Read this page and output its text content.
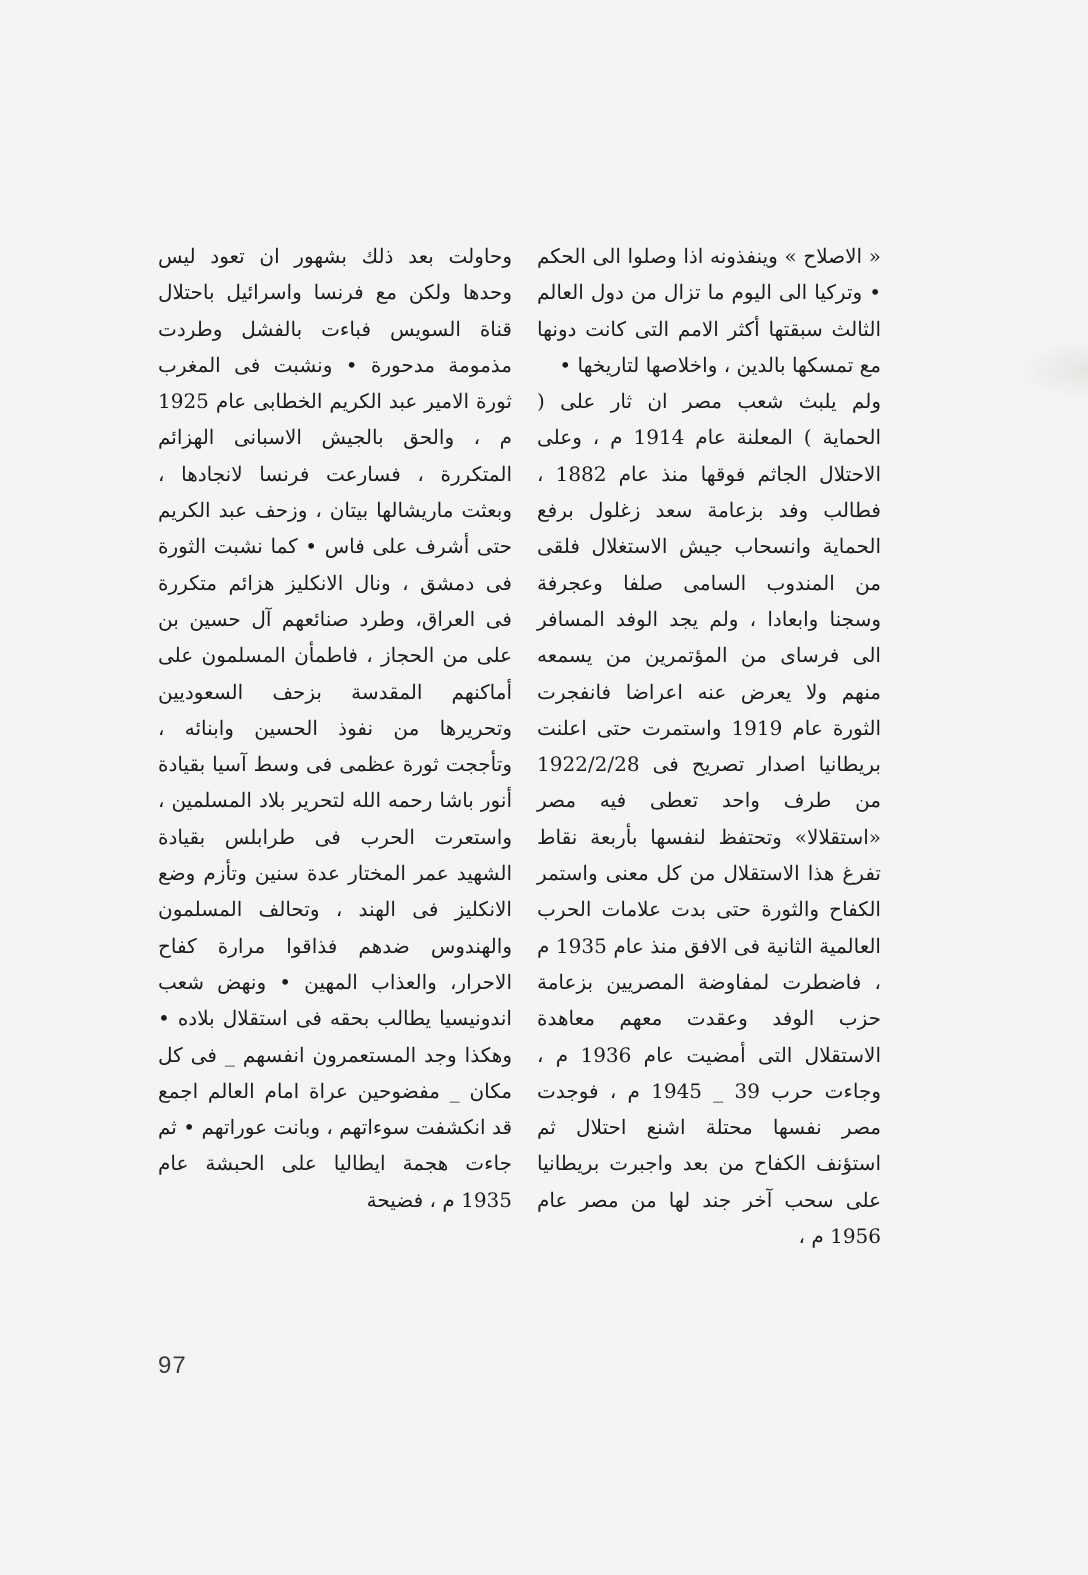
« الاصلاح » وينفذونه اذا وصلوا الى الحكم • وتركيا الى اليوم ما تزال من دول العالم الثالث سبقتها أكثر الامم التى كانت دونها مع تمسكها بالدين ، واخلاصها لتاريخها •

ولم يلبث شعب مصر ان ثار على ( الحماية ) المعلنة عام 1914 م ، وعلى الاحتلال الجاثم فوقها منذ عام 1882 ، فطالب وفد بزعامة سعد زغلول برفع الحماية وانسحاب جيش الاستغلال فلقى من المندوب السامى صلفا وعجرفة وسجنا وابعادا ، ولم يجد الوفد المسافر الى فرساى من المؤتمرين من يسمعه منهم ولا يعرض عنه اعراضا فانفجرت الثورة عام 1919 واستمرت حتى اعلنت بريطانيا اصدار تصريح فى 1922/2/28 من طرف واحد تعطى فيه مصر «استقلالا» وتحتفظ لنفسها بأربعة نقاط تفرغ هذا الاستقلال من كل معنى واستمر الكفاح والثورة حتى بدت علامات الحرب العالمية الثانية فى الافق منذ عام 1935 م ، فاضطرت لمفاوضة المصريين بزعامة حزب الوفد وعقدت معهم معاهدة الاستقلال التى أمضيت عام 1936 م ، وجاءت حرب 39 _ 1945 م ، فوجدت مصر نفسها محتلة اشنع احتلال ثم استؤنف الكفاح من بعد واجبرت بريطانيا على سحب آخر جند لها من مصر عام 1956 م ،

وحاولت بعد ذلك بشهور ان تعود ليس وحدها ولكن مع فرنسا واسرائيل باحتلال قناة السويس فباءت بالفشل وطردت مذمومة مدحورة • ونشبت فى المغرب ثورة الامير عبد الكريم الخطابى عام 1925 م ، والحق بالجيش الاسبانى الهزائم المتكررة ، فسارعت فرنسا لانجادها ، وبعثت ماريشالها بيتان ، وزحف عبد الكريم حتى أشرف على فاس • كما نشبت الثورة فى دمشق ، ونال الانكليز هزائم متكررة فى العراق، وطرد صنائعهم آل حسين بن على من الحجاز ، فاطمأن المسلمون على أماكنهم المقدسة بزحف السعوديين وتحريرها من نفوذ الحسين وابنائه ، وتأججت ثورة عظمى فى وسط آسيا بقيادة أنور باشا رحمه الله لتحرير بلاد المسلمين ، واستعرت الحرب فى طرابلس بقيادة الشهيد عمر المختار عدة سنين وتأزم وضع الانكليز فى الهند ، وتحالف المسلمون والهندوس ضدهم فذاقوا مرارة كفاح الاحرار، والعذاب المهين • ونهض شعب اندونيسيا يطالب بحقه فى استقلال بلاده • وهكذا وجد المستعمرون انفسهم _ فى كل مكان _ مفضوحين عراة امام العالم اجمع قد انكشفت سوءاتهم ، وبانت عوراتهم • ثم جاءت هجمة ايطاليا على الحبشة عام 1935 م ، فضيحة

97
